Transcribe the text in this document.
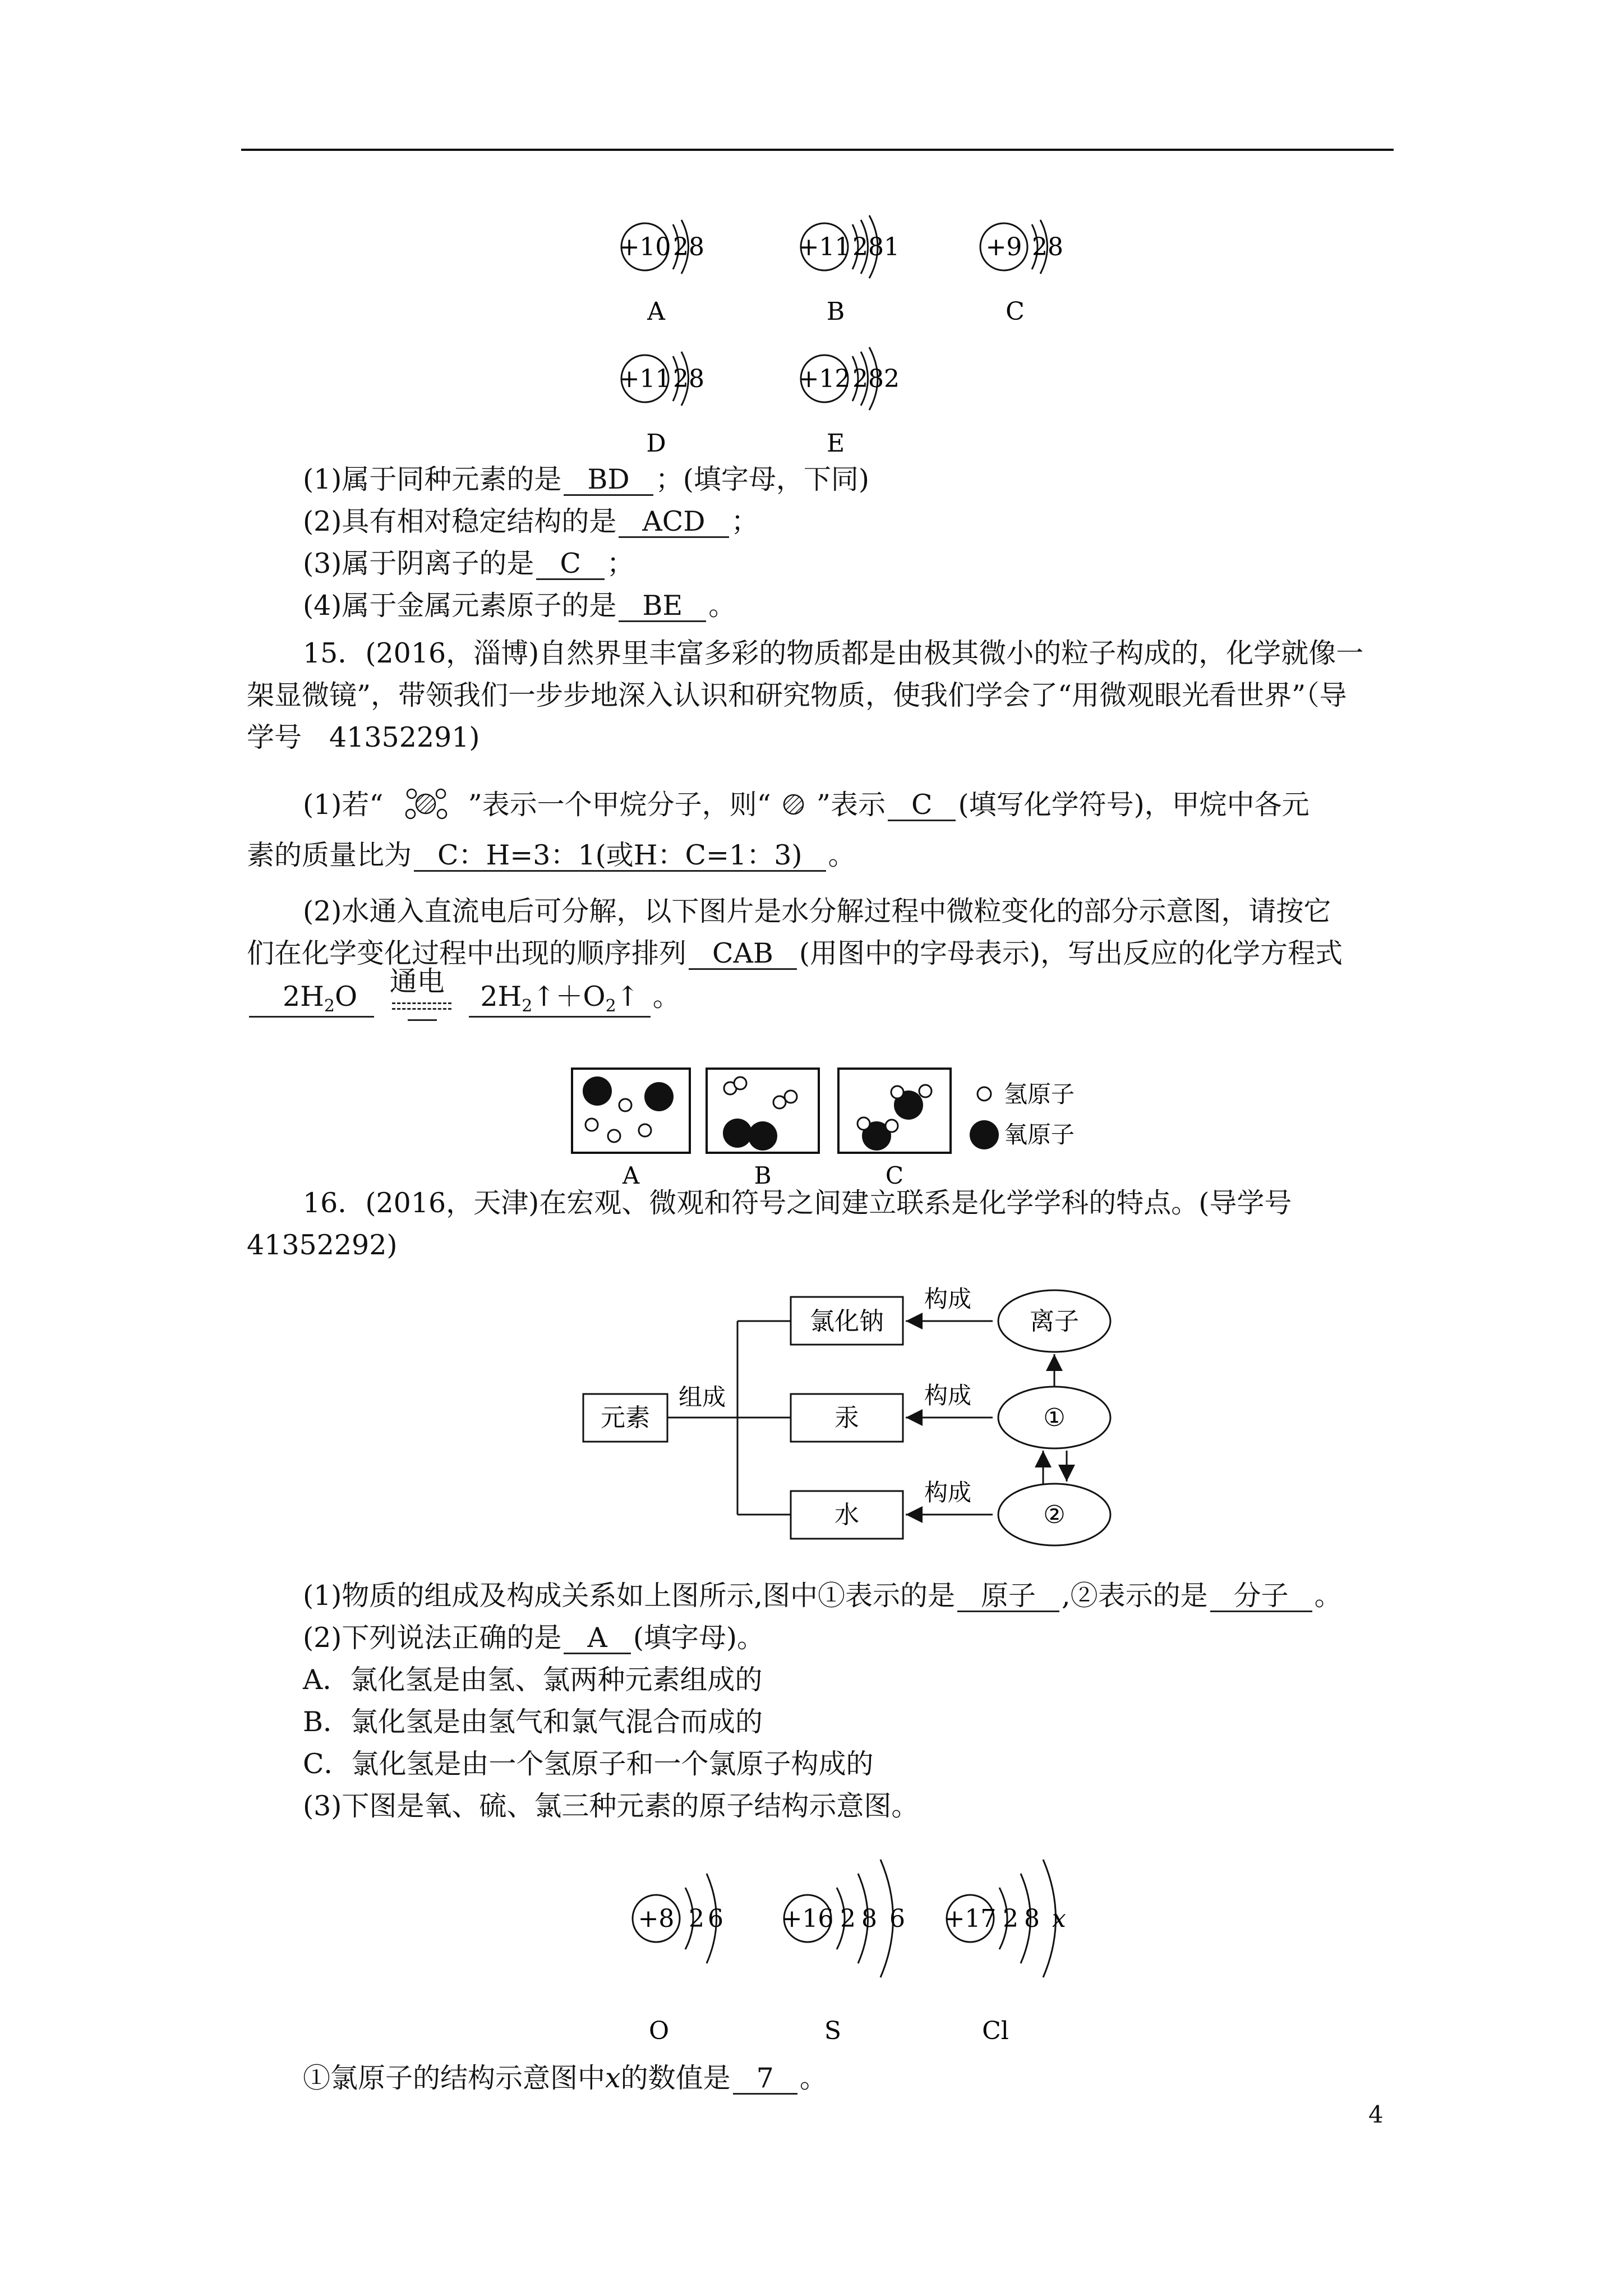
+10 28
A
+11 281
B
+9 28
C
+11 28
D
+12 282
E
(1)属于同种元素的是 BD ；(填字母，下同)
(2)具有相对稳定结构的是 ACD ；
(3)属于阴离子的是 C ；
(4)属于金属元素原子的是 BE 。
15．(2016，淄博)自然界里丰富多彩的物质都是由极其微小的粒子构成的，化学就像一
架显微镜”，带领我们一步步地深入认识和研究物质，使我们学会了“用微观眼光看世界”（导
学号　41352291)
(1)若“	”表示一个甲烷分子，则“ ”表示 C (填写化学符号)，甲烷中各元
素的质量比为 C：H=3：1(或H：C=1：3) 。
(2)水通入直流电后可分解，以下图片是水分解过程中微粒变化的部分示意图，请按它
们在化学变化过程中出现的顺序排列 CAB (用图中的字母表示)，写出反应的化学方程式
$2H_2O$ 通电 $2H_2↑+O_2↑$ 。
A	B	C
氢原子
氧原子
16．(2016，天津)在宏观、微观和符号之间建立联系是化学学科的特点。(导学号
41352292)
元素
组成
氯化钠
汞
水
构成
构成
构成
离子
①
②
(1)物质的组成及构成关系如上图所示,图中①表示的是 原子 ,②表示的是 分子 。
(2)下列说法正确的是 A (填字母)。
A．氯化氢是由氢、氯两种元素组成的
B．氯化氢是由氢气和氯气混合而成的
C．氯化氢是由一个氢原子和一个氯原子构成的
(3)下图是氧、硫、氯三种元素的原子结构示意图。
+8 2 6
O
+16 2 8 6
S
+17 2 8 x
Cl
①氯原子的结构示意图中x的数值是 7 。
4
